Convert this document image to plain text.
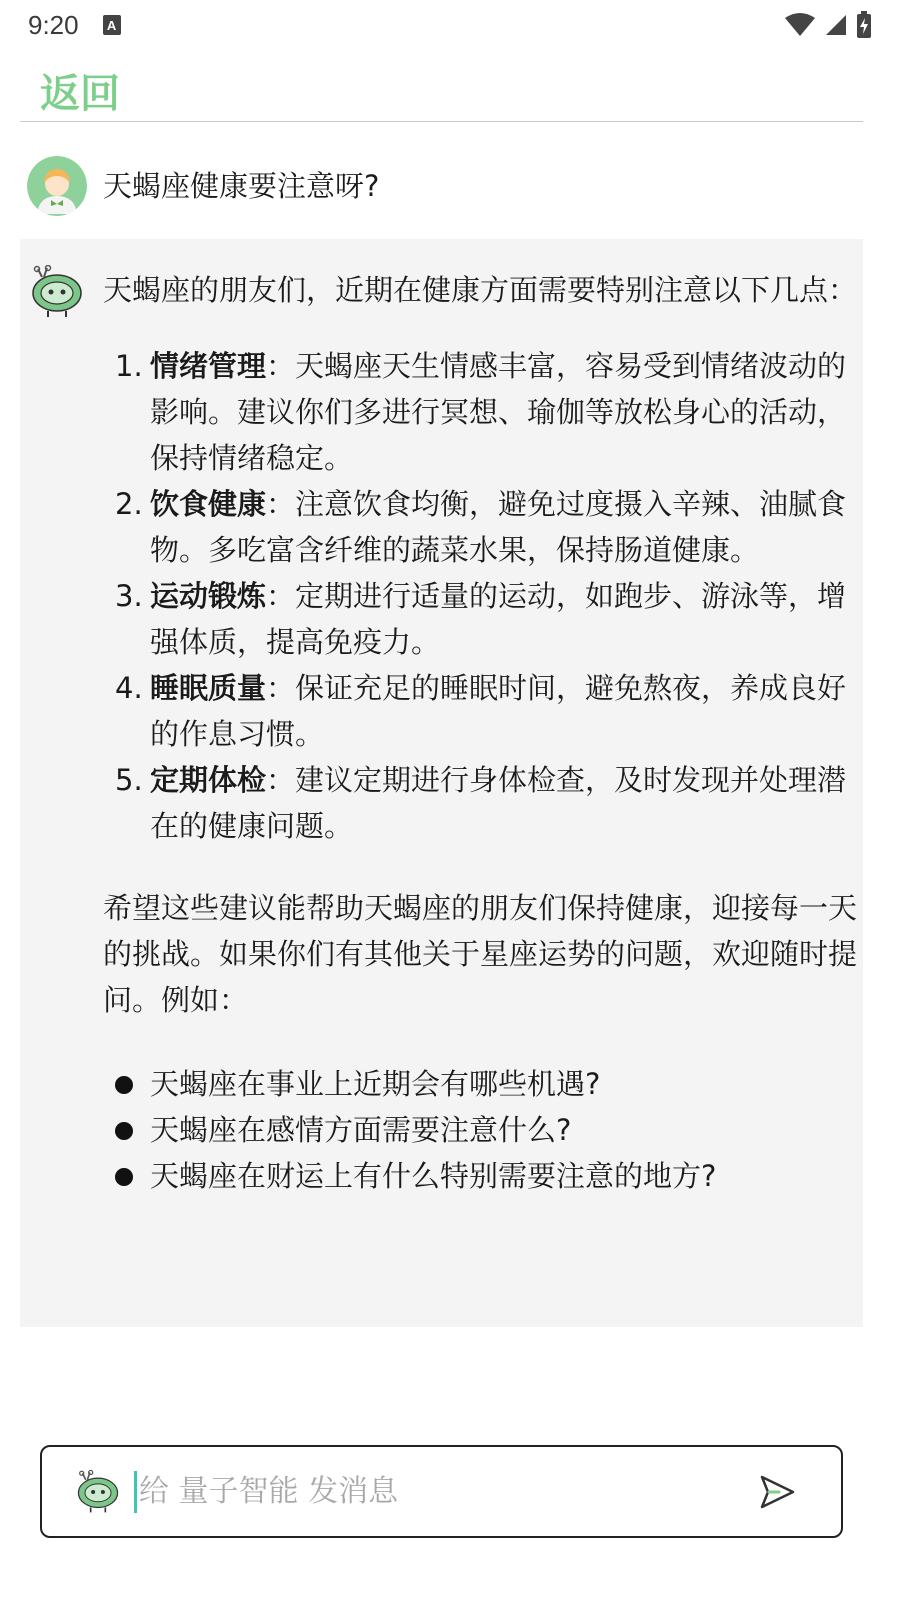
9:20	A
返回
天蝎座健康要注意呀?

天蝎座的朋友们，近期在健康方面需要特别注意以下几点：

1. 情绪管理：天蝎座天生情感丰富，容易受到情绪波动的影响。建议你们多进行冥想、瑜伽等放松身心的活动，保持情绪稳定。
2. 饮食健康：注意饮食均衡，避免过度摄入辛辣、油腻食物。多吃富含纤维的蔬菜水果，保持肠道健康。
3. 运动锻炼：定期进行适量的运动，如跑步、游泳等，增强体质，提高免疫力。
4. 睡眠质量：保证充足的睡眠时间，避免熬夜，养成良好的作息习惯。
5. 定期体检：建议定期进行身体检查，及时发现并处理潜在的健康问题。

希望这些建议能帮助天蝎座的朋友们保持健康，迎接每一天的挑战。如果你们有其他关于星座运势的问题，欢迎随时提问。例如：

天蝎座在事业上近期会有哪些机遇?
天蝎座在感情方面需要注意什么?
天蝎座在财运上有什么特别需要注意的地方?
给 量子智能 发消息
